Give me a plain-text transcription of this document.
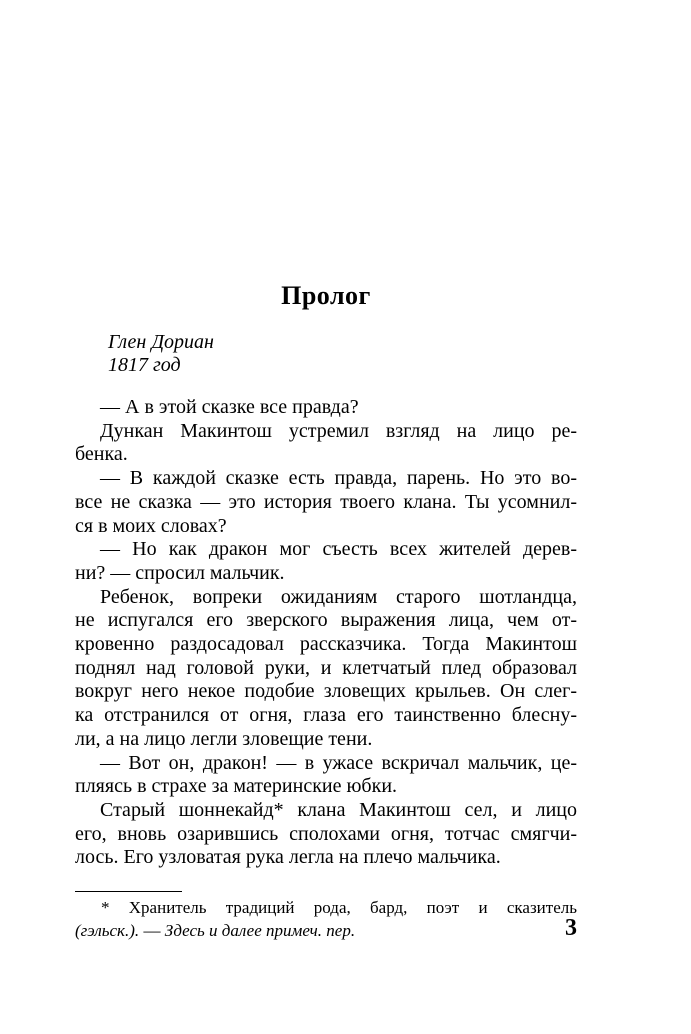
Пролог
Глен Дориан
1817 год
— А в этой сказке все правда?
Дункан Макинтош устремил взгляд на лицо ре-
бенка.
— В каждой сказке есть правда, парень. Но это во-
все не сказка — это история твоего клана. Ты усомнил-
ся в моих словах?
— Но как дракон мог съесть всех жителей дерев-
ни? — спросил мальчик.
Ребенок, вопреки ожиданиям старого шотландца,
не испугался его зверского выражения лица, чем от-
кровенно раздосадовал рассказчика. Тогда Макинтош
поднял над головой руки, и клетчатый плед образовал
вокруг него некое подобие зловещих крыльев. Он слег-
ка отстранился от огня, глаза его таинственно блесну-
ли, а на лицо легли зловещие тени.
— Вот он, дракон! — в ужасе вскричал мальчик, це-
пляясь в страхе за материнские юбки.
Старый шоннекайд* клана Макинтош сел, и лицо
его, вновь озарившись сполохами огня, тотчас смягчи-
лось. Его узловатая рука легла на плечо мальчика.
* Хранитель традиций рода, бард, поэт и сказитель
(гэльск.). — Здесь и далее примеч. пер.	3
